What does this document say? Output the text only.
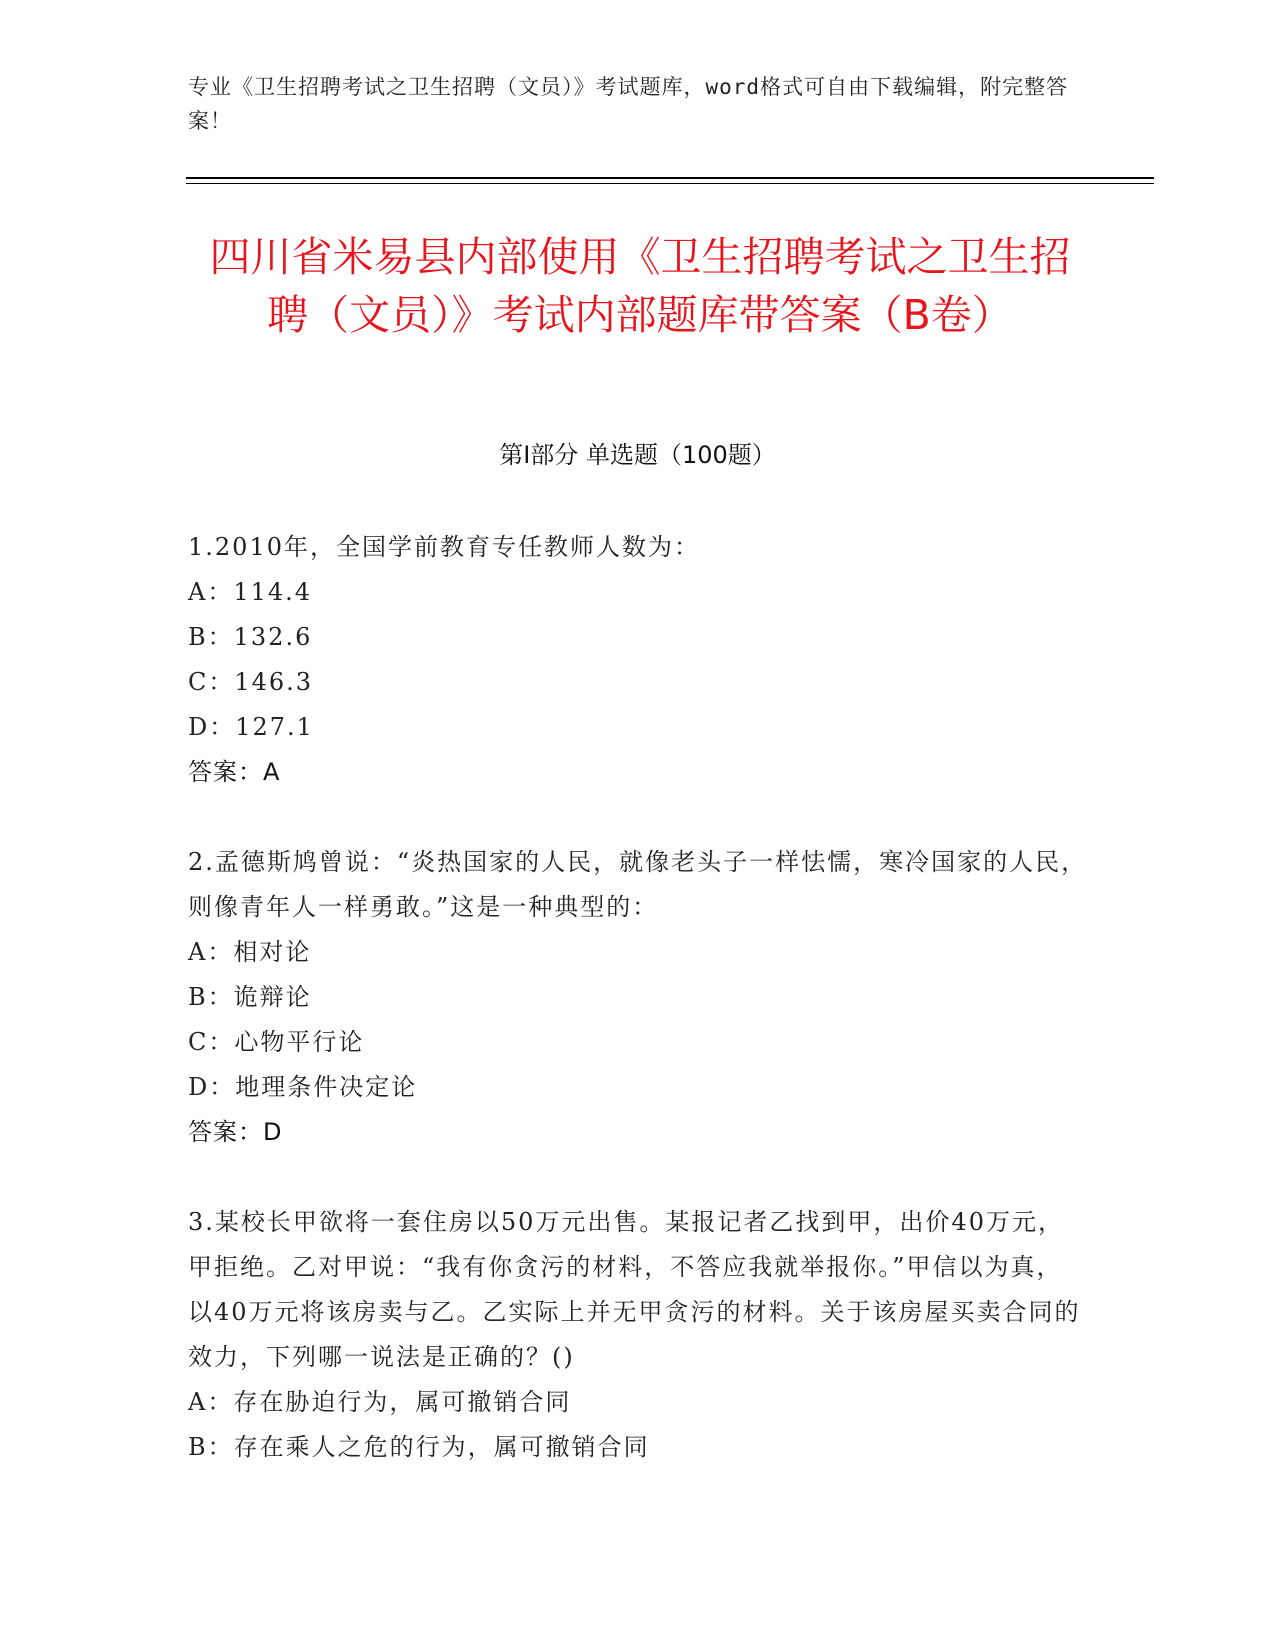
专业《卫生招聘考试之卫生招聘（文员）》考试题库，word格式可自由下载编辑，附完整答案！
四川省米易县内部使用《卫生招聘考试之卫生招聘（文员）》考试内部题库带答案（B卷）
第Ⅰ部分 单选题（100题）
1.2010年，全国学前教育专任教师人数为：
A：114.4
B：132.6
C：146.3
D：127.1
答案：A
2.孟德斯鸠曾说：“炎热国家的人民，就像老头子一样怯懦，寒冷国家的人民，则像青年人一样勇敢。”这是一种典型的：
A：相对论
B：诡辩论
C：心物平行论
D：地理条件决定论
答案：D
3.某校长甲欲将一套住房以50万元出售。某报记者乙找到甲，出价40万元，甲拒绝。乙对甲说：“我有你贪污的材料，不答应我就举报你。”甲信以为真，以40万元将该房卖与乙。乙实际上并无甲贪污的材料。关于该房屋买卖合同的效力，下列哪一说法是正确的？()
A：存在胁迫行为，属可撤销合同
B：存在乘人之危的行为，属可撤销合同
